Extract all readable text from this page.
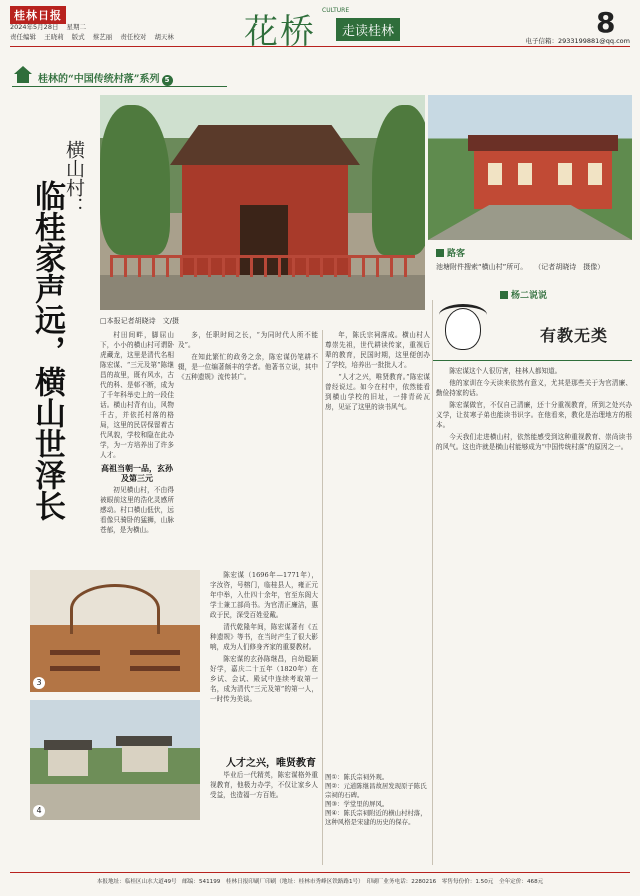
桂林日报
2024年5月28日 星期二
责任编辑 王晓莉 版式 蔡艺丽 责任校对 胡天林 花桥
CULTURE
走读桂林	8
电子信箱：2933199881@qq.com
桂林的“中国传统村落”系列 5
横山村：
临桂家声远，横山世泽长	路客
池塘附件搜索“横山村”所可。　　（记者胡晓诗　摄像）
杨二说说
有教无类
□本报记者胡晓诗　文/摄

村田间畔，脚屈山下，小小的横山村可谓卧虎藏龙，这里是清代名相陈宏谋、“三元及第”陈继昌的故里，既有风水，古代的科、是邨不断，成为了千年科举史上的一段佳话。横山村背有山，风物千古，并依托村落的格局，这里的民居保留着古代风貌，学校和隐在此办学，为一方培养出了许多人才。

高祖当朝一品，玄孙及第三元

初见横山村，不由得被眼前这里的浩化灵感所感动。村口横山低伏，远看像只骑卧的猛狮，山脉苍郁，是为横山。

陈宏谋（1696年—1771年），字汝咨，号榕门，临桂县人，雍正元年中举，入仕四十余年，官至东阁大学士兼工部尚书。为官清正廉洁，惠政于民，深受百姓爱戴。

清代乾隆年间，陈宏谋著有《五种遗规》等书，在当时产生了很大影响，成为人们修身齐家的重要教材。

陈宏谋的玄孙陈继昌，自幼聪颖好学，嘉庆二十五年（1820年）在乡试、会试、殿试中连续考取第一名，成为清代“三元及第”的第一人，一时传为美谈。

多，任职时间之长，“为同时代人所不能及”。

在知此繁忙的政务之余，陈宏谋仍笔耕不辍，是一位编著颇丰的学者。他著书立说，其中《五种遗规》流传甚广。

人才之兴，唯贤教育

毕业后一代精英，陈宏谋格外重视教育，他极力办学，不仅让家乡人受益，也造福一方百姓。

年，陈氏宗祠落成。横山村人尊崇先祖，世代耕读传家，重视后辈的教育，民国时期，这里便创办了学校，培养出一批批人才。

“人才之兴，唯贤教育。”陈宏谋曾经说过。如今在村中，依然能看到横山学校的旧址，一排青砖瓦房，见证了这里的读书风气。

陈宏谋这个人很厉害，桂林人都知道。

他的家训在今天读来依然有意义，尤其是那些关于为官清廉、勤俭持家的话。

陈宏谋做官，不仅自己清廉，还十分重视教育，所到之处兴办义学，让贫寒子弟也能读书识字。在他看来，教化是治理地方的根本。

今天我们走进横山村，依然能感受到这种重视教育、崇尚读书的风气。这也许就是横山村能够成为“中国传统村落”的原因之一。

3
4
图①：陈氏宗祠外观。
图②：元道陈继昌故居发现原子陈氏宗祠的石碑。
图③：学堂里的屏风。
图④：陈氏宗祠附近的横山村村落，这种风格是宋建的历史的保存。
本报地址：临桂区山水大道49号　邮编：541199　桂林日报印刷厂印刷（地址：桂林市秀峰区铁路路1号）　印刷厂业务电话：2280216　零售每份价：1.50元　全年定价：468元
